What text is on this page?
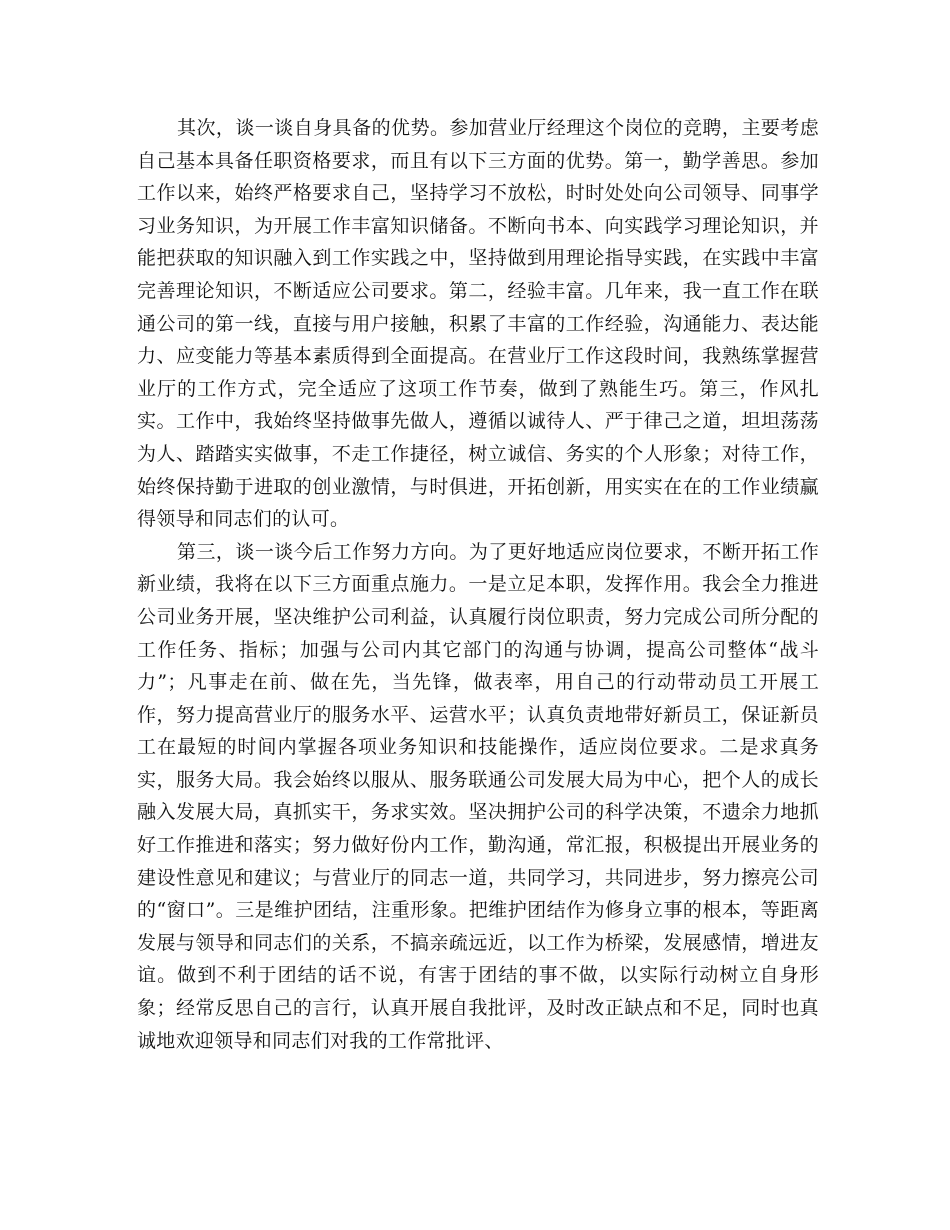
其次，谈一谈自身具备的优势。参加营业厅经理这个岗位的竞聘，主要考虑自己基本具备任职资格要求，而且有以下三方面的优势。第一，勤学善思。参加工作以来，始终严格要求自己，坚持学习不放松，时时处处向公司领导、同事学习业务知识，为开展工作丰富知识储备。不断向书本、向实践学习理论知识，并能把获取的知识融入到工作实践之中，坚持做到用理论指导实践，在实践中丰富完善理论知识，不断适应公司要求。第二，经验丰富。几年来，我一直工作在联通公司的第一线，直接与用户接触，积累了丰富的工作经验，沟通能力、表达能力、应变能力等基本素质得到全面提高。在营业厅工作这段时间，我熟练掌握营业厅的工作方式，完全适应了这项工作节奏，做到了熟能生巧。第三，作风扎实。工作中，我始终坚持做事先做人，遵循以诚待人、严于律己之道，坦坦荡荡为人、踏踏实实做事，不走工作捷径，树立诚信、务实的个人形象；对待工作，始终保持勤于进取的创业激情，与时俱进，开拓创新，用实实在在的工作业绩赢得领导和同志们的认可。

第三，谈一谈今后工作努力方向。为了更好地适应岗位要求，不断开拓工作新业绩，我将在以下三方面重点施力。一是立足本职，发挥作用。我会全力推进公司业务开展，坚决维护公司利益，认真履行岗位职责，努力完成公司所分配的工作任务、指标；加强与公司内其它部门的沟通与协调，提高公司整体“战斗力”；凡事走在前、做在先，当先锋，做表率，用自己的行动带动员工开展工作，努力提高营业厅的服务水平、运营水平；认真负责地带好新员工，保证新员工在最短的时间内掌握各项业务知识和技能操作，适应岗位要求。二是求真务实，服务大局。我会始终以服从、服务联通公司发展大局为中心，把个人的成长融入发展大局，真抓实干，务求实效。坚决拥护公司的科学决策，不遗余力地抓好工作推进和落实；努力做好份内工作，勤沟通，常汇报，积极提出开展业务的建设性意见和建议；与营业厅的同志一道，共同学习，共同进步，努力擦亮公司的“窗口”。三是维护团结，注重形象。把维护团结作为修身立事的根本，等距离发展与领导和同志们的关系，不搞亲疏远近，以工作为桥梁，发展感情，增进友谊。做到不利于团结的话不说，有害于团结的事不做，以实际行动树立自身形象；经常反思自己的言行，认真开展自我批评，及时改正缺点和不足，同时也真诚地欢迎领导和同志们对我的工作常批评、
